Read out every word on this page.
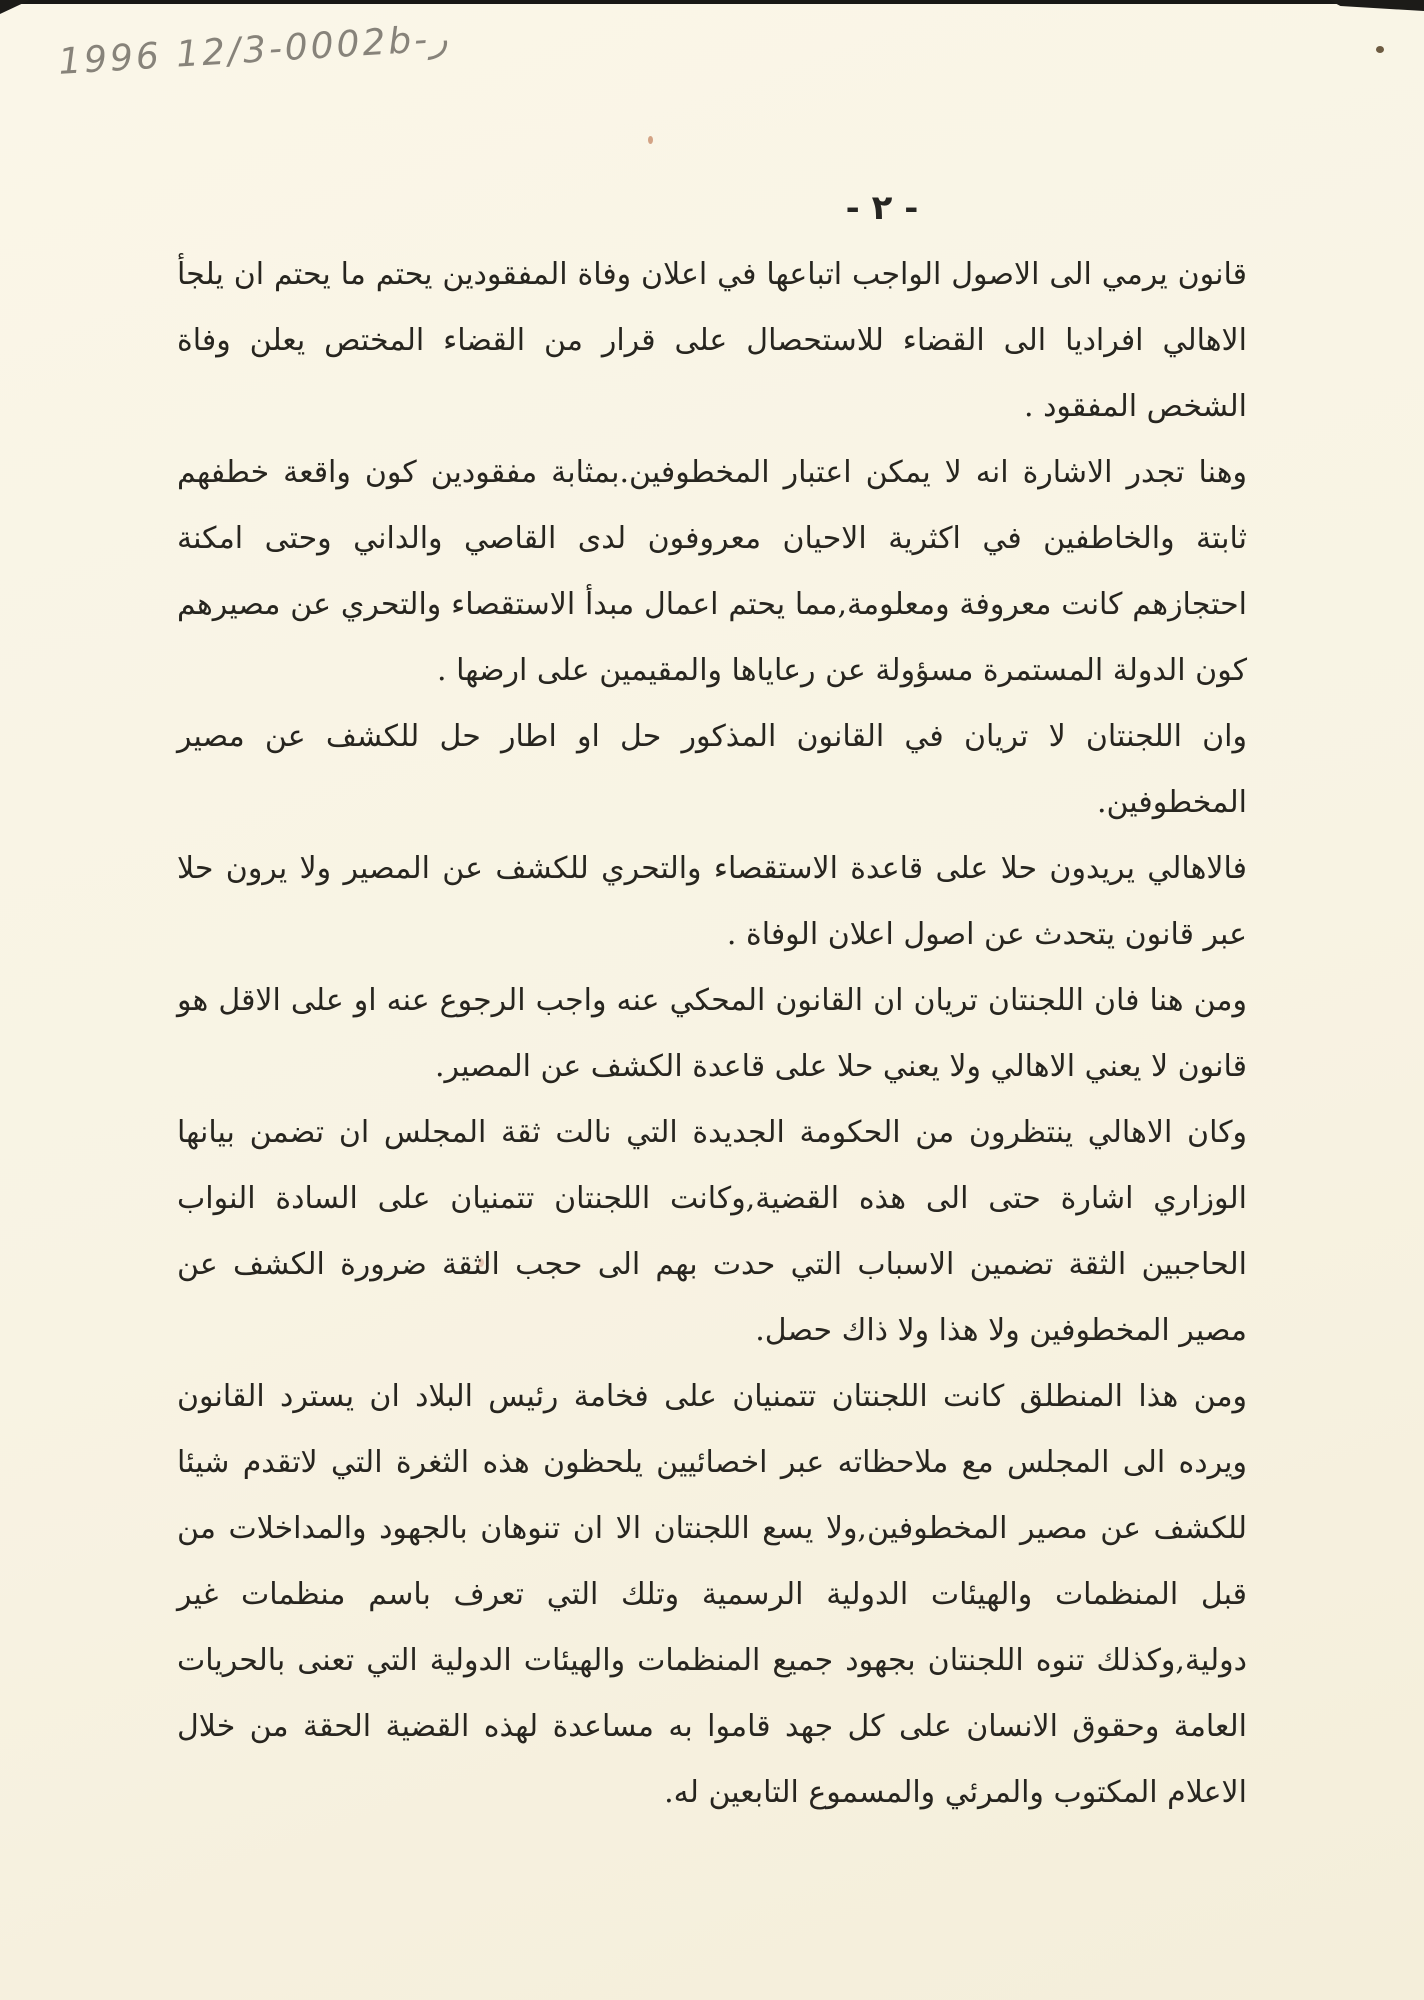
1996 12/3-0002b-ر
- ٢ -

قانون يرمي الى الاصول الواجب اتباعها في اعلان وفاة المفقودين يحتم ما يحتم ان يلجأ الاهالي افراديا الى القضاء للاستحصال على قرار من القضاء المختص يعلن وفاة الشخص المفقود .

وهنا تجدر الاشارة انه لا يمكن اعتبار المخطوفين.بمثابة مفقودين كون واقعة خطفهم ثابتة والخاطفين في اكثرية الاحيان معروفون لدى القاصي والداني وحتى امكنة احتجازهم كانت معروفة ومعلومة,مما يحتم اعمال مبدأ الاستقصاء والتحري عن مصيرهم كون الدولة المستمرة مسؤولة عن رعاياها والمقيمين على ارضها .

وان اللجنتان لا تريان في القانون المذكور حل او اطار حل للكشف عن مصير المخطوفين.

فالاهالي يريدون حلا على قاعدة الاستقصاء والتحري للكشف عن المصير ولا يرون حلا عبر قانون يتحدث عن اصول اعلان الوفاة .

ومن هنا فان اللجنتان تريان ان القانون المحكي عنه واجب الرجوع عنه او على الاقل هو قانون لا يعني الاهالي ولا يعني حلا على قاعدة الكشف عن المصير.

وكان الاهالي ينتظرون من الحكومة الجديدة التي نالت ثقة المجلس ان تضمن بيانها الوزاري اشارة حتى الى هذه القضية,وكانت اللجنتان تتمنيان على السادة النواب الحاجبين الثقة تضمين الاسباب التي حدت بهم الى حجب الثقة ضرورة الكشف عن مصير المخطوفين ولا هذا ولا ذاك حصل.

ومن هذا المنطلق كانت اللجنتان تتمنيان على فخامة رئيس البلاد ان يسترد القانون ويرده الى المجلس مع ملاحظاته عبر اخصائيين يلحظون هذه الثغرة التي لاتقدم شيئا للكشف عن مصير المخطوفين,ولا يسع اللجنتان الا ان تنوهان بالجهود والمداخلات من قبل المنظمات والهيئات الدولية الرسمية وتلك التي تعرف باسم منظمات غير دولية,وكذلك تنوه اللجنتان بجهود جميع المنظمات والهيئات الدولية التي تعنى بالحريات العامة وحقوق الانسان على كل جهد قاموا به مساعدة لهذه القضية الحقة من خلال الاعلام المكتوب والمرئي والمسموع التابعين له.
